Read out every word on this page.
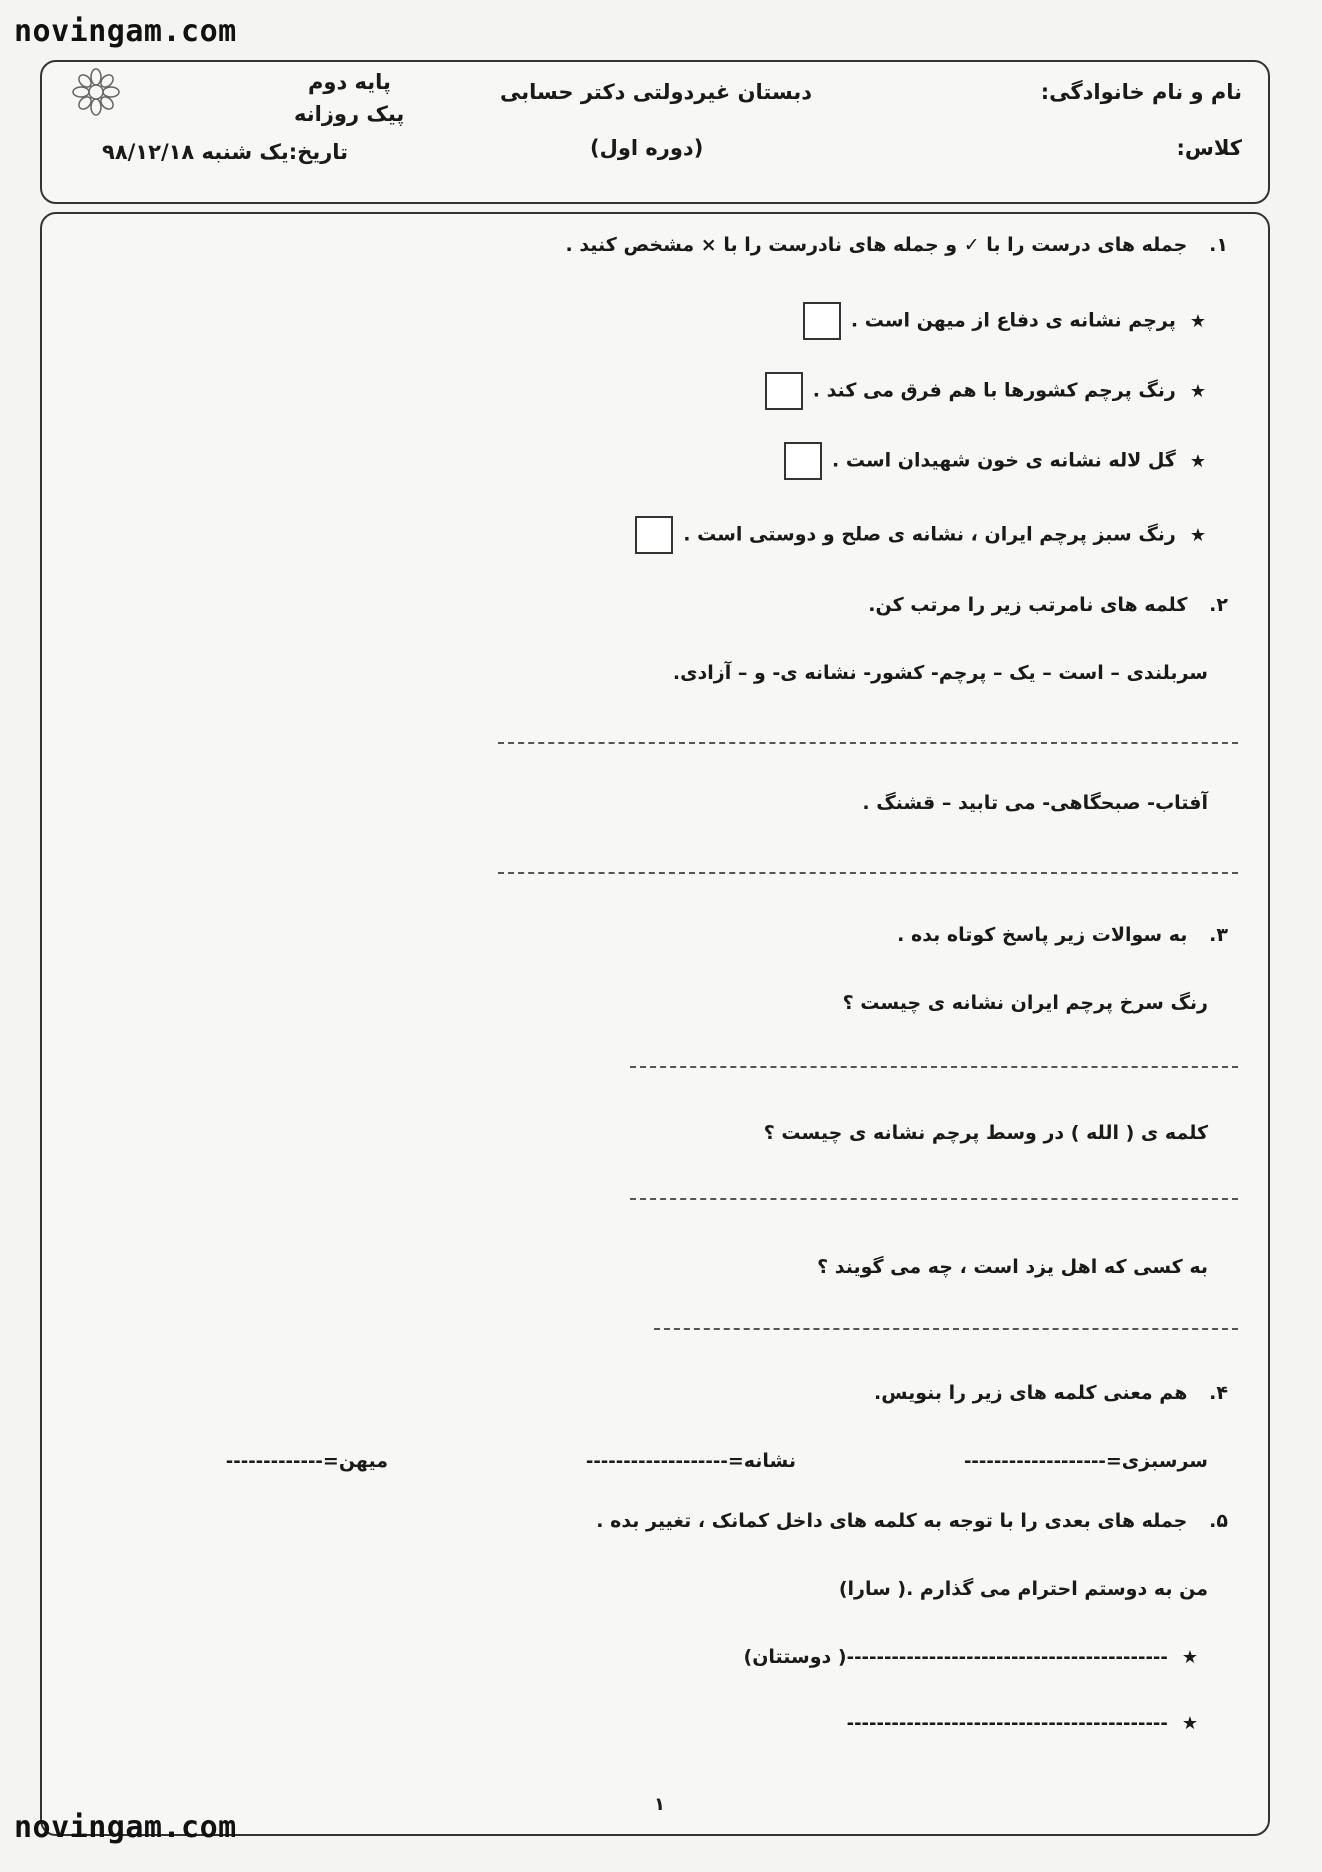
novingam.com
نام و نام خانوادگی:
کلاس:
دبستان غیردولتی دکتر حسابی
(دوره اول)
پایه دوم
پیک روزانه
تاریخ:یک شنبه ۹۸/۱۲/۱۸
۱. جمله های درست را با ✓ و جمله های نادرست را با × مشخص کنید .
★پرچم نشانه ی دفاع از میهن است .
★رنگ پرچم کشورها با هم فرق می کند .
★گل لاله نشانه ی خون شهیدان است .
★رنگ سبز پرچم ایران ، نشانه ی صلح و دوستی است .
۲. کلمه های نامرتب زیر را مرتب کن.
سربلندی – است – یک – پرچم- کشور- نشانه ی- و – آزادی.
آفتاب- صبحگاهی- می تابید – قشنگ .
۳. به سوالات زیر پاسخ کوتاه بده .
رنگ سرخ پرچم ایران نشانه ی چیست ؟
کلمه ی ( الله ) در وسط پرچم نشانه ی چیست ؟
به کسی که اهل یزد است ، چه می گویند ؟
۴. هم معنی کلمه های زیر را بنویس.
سرسبزی=-------------------
نشانه=-------------------
میهن=-------------
۵. جمله های بعدی را با توجه به کلمه های داخل کمانک ، تغییر بده .
من به دوستم احترام می گذارم .( سارا)
★-------------------------------------------( دوستتان)
★-------------------------------------------
۱
novingam.com
